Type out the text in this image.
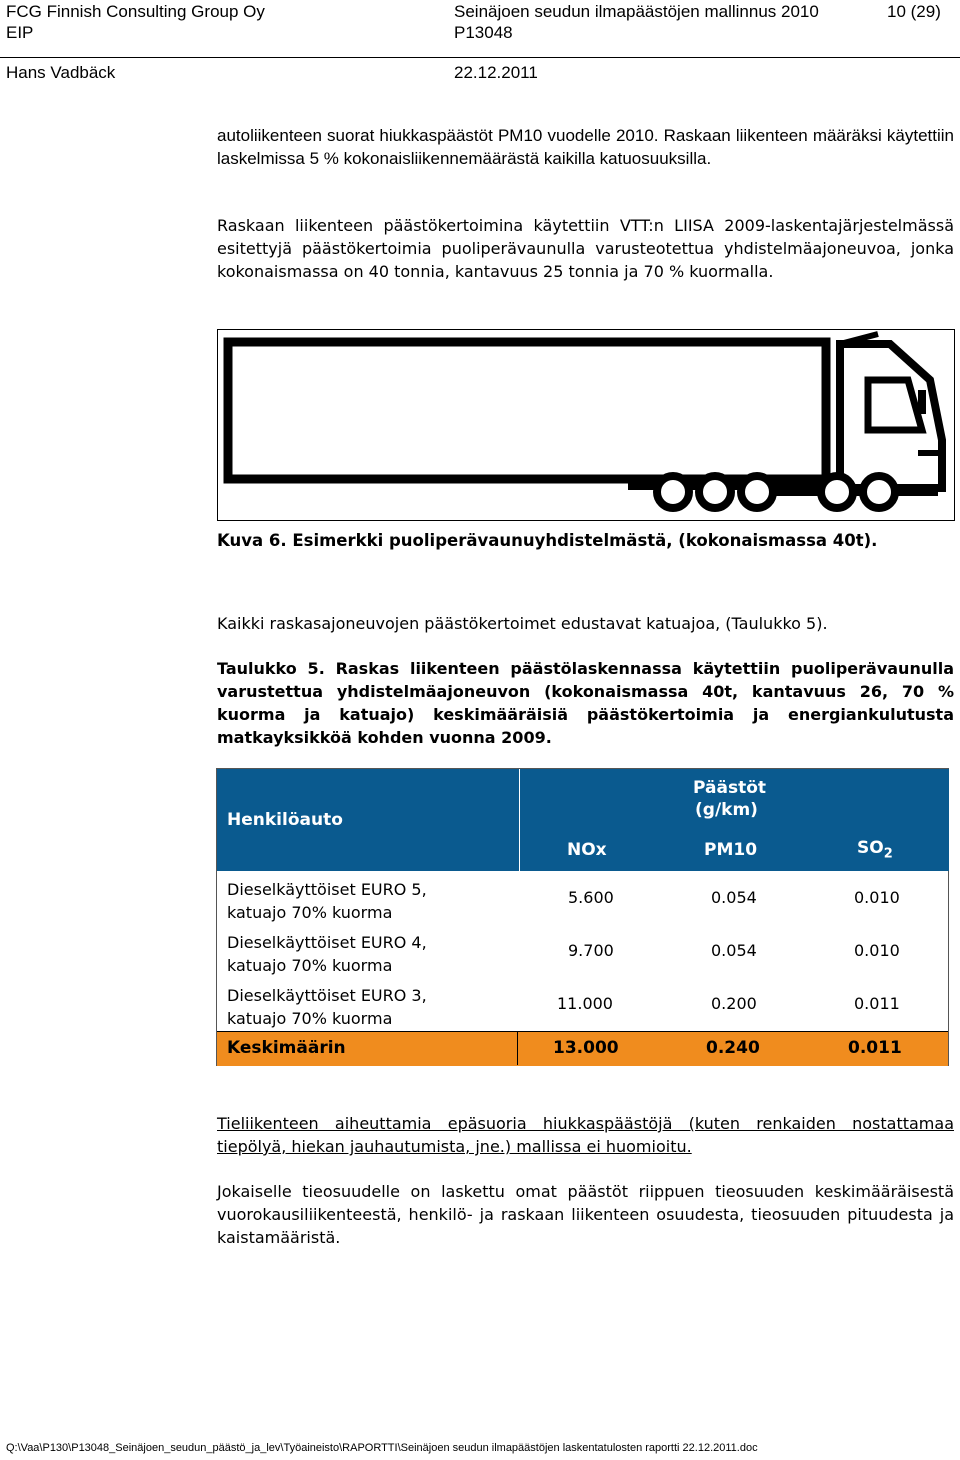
FCG Finnish Consulting Group Oy
EIP
Hans Vadbäck
Seinäjoen seudun ilmapäästöjen mallinnus 2010
P13048
22.12.2011
10 (29)
autoliikenteen suorat hiukkaspäästöt PM10 vuodelle 2010. Raskaan liikenteen määräksi käytettiin laskelmissa 5 % kokonaisliikennemäärästä kaikilla katuosuuksilla.
Raskaan liikenteen päästökertoimina käytettiin VTT:n LIISA 2009-laskentajärjestelmässä esitettyjä päästökertoimia puoliperävaunulla varusteotettua yhdistelmäajoneuvoa, jonka kokonaismassa on 40 tonnia, kantavuus 25 tonnia ja 70 % kuormalla.
Kuva 6. Esimerkki puoliperävaunuyhdistelmästä, (kokonaismassa 40t).
Kaikki raskasajoneuvojen päästökertoimet edustavat katuajoa, (Taulukko 5).
Taulukko 5. Raskas liikenteen päästölaskennassa käytettiin puoliperävaunulla varustettua yhdistelmäajoneuvon (kokonaismassa 40t, kantavuus 26, 70 % kuorma ja katuajo) keskimääräisiä päästökertoimia ja energiankulutusta matkayksikköä kohden vuonna 2009.
Henkilöauto
Päästöt
(g/km)
NOx	PM10	$SO_2$
Dieselkäyttöiset EURO 5,
katuajo 70% kuorma
5.600	0.054	0.010
Dieselkäyttöiset EURO 4,
katuajo 70% kuorma
9.700	0.054	0.010
Dieselkäyttöiset EURO 3,
katuajo 70% kuorma
11.000	0.200	0.011
Keskimäärin	13.000	0.240	0.011
Tieliikenteen aiheuttamia epäsuoria hiukkaspäästöjä (kuten renkaiden nostattamaa tiepölyä, hiekan jauhautumista, jne.) mallissa ei huomioitu.
Jokaiselle tieosuudelle on laskettu omat päästöt riippuen tieosuuden keskimääräisestä vuorokausiliikenteestä, henkilö- ja raskaan liikenteen osuudesta, tieosuuden pituudesta ja kaistamääristä.
Q:\Vaa\P130\P13048_Seinäjoen_seudun_päästö_ja_lev\Työaineisto\RAPORTTI\Seinäjoen seudun ilmapäästöjen laskentatulosten raportti 22.12.2011.doc
